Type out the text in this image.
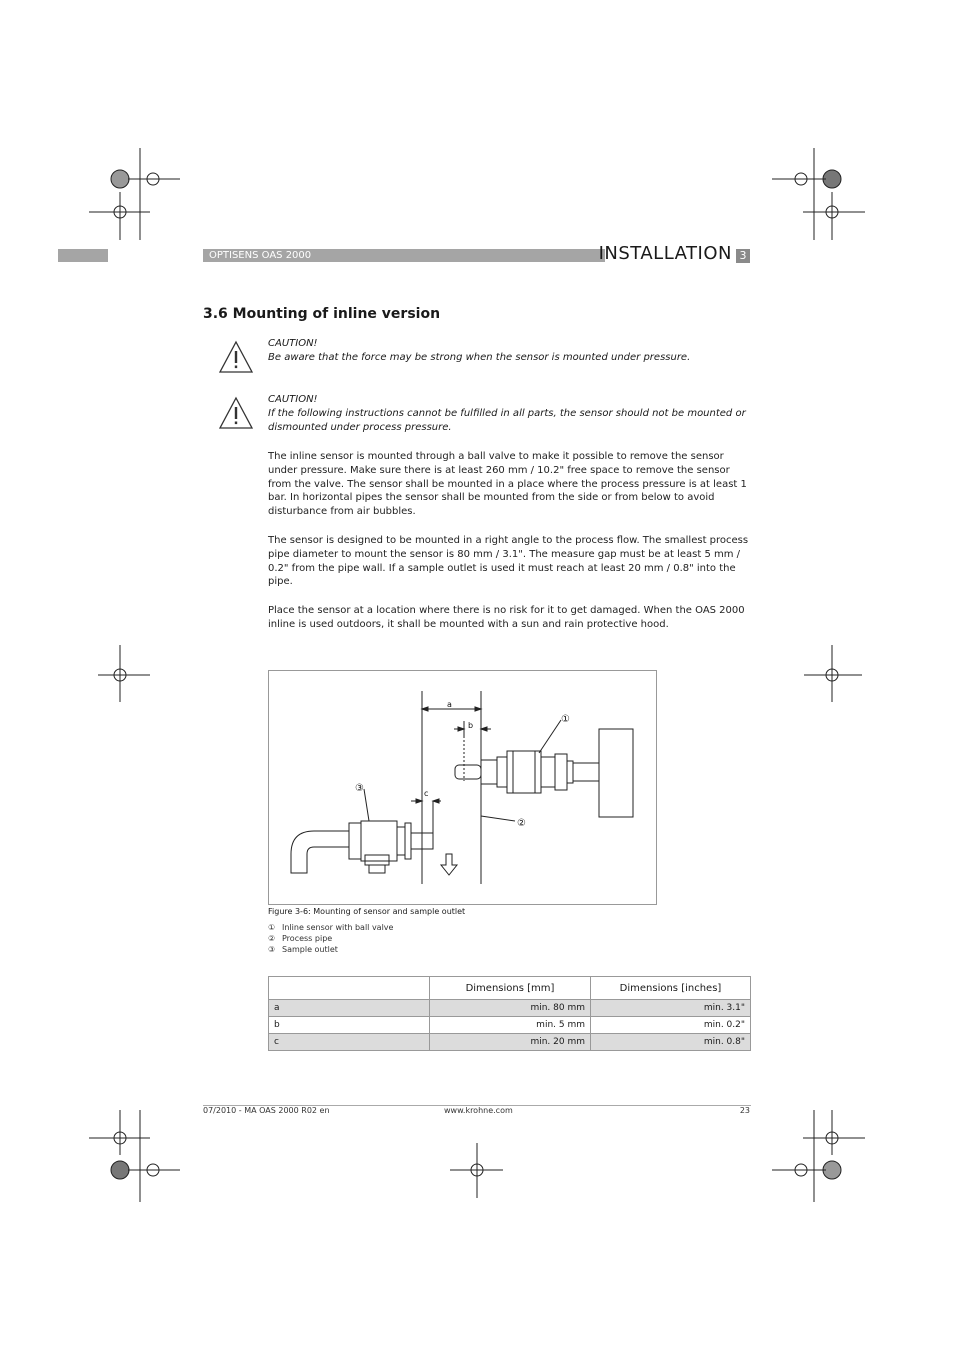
OPTISENS OAS 2000	INSTALLATION 3
3.6 Mounting of inline version
CAUTION!
Be aware that the force may be strong when the sensor is mounted under pressure.
CAUTION!
If the following instructions cannot be fulfilled in all parts, the sensor should not be mounted or dismounted under process pressure.
The inline sensor is mounted through a ball valve to make it possible to remove the sensor under pressure. Make sure there is at least 260 mm / 10.2" free space to remove the sensor from the valve. The sensor shall be mounted in a place where the process pressure is at least 1 bar. In horizontal pipes the sensor shall be mounted from the side or from below to avoid disturbance from air bubbles.
The sensor is designed to be mounted in a right angle to the process flow. The smallest process pipe diameter to mount the sensor is 80 mm / 3.1". The measure gap must be at least 5 mm / 0.2" from the pipe wall. If a sample outlet is used it must reach at least 20 mm / 0.8" into the pipe.
Place the sensor at a location where there is no risk for it to get damaged. When the OAS 2000 inline is used outdoors, it shall be mounted with a sun and rain protective hood.
a
b
c
①
②
③
Figure 3-6: Mounting of sensor and sample outlet
① Inline sensor with ball valve
② Process pipe
③ Sample outlet
	Dimensions [mm]	Dimensions [inches]
a	min. 80 mm	min. 3.1"
b	min. 5 mm	min. 0.2"
c	min. 20 mm	min. 0.8"
07/2010 - MA OAS 2000 R02 en	www.krohne.com	23
